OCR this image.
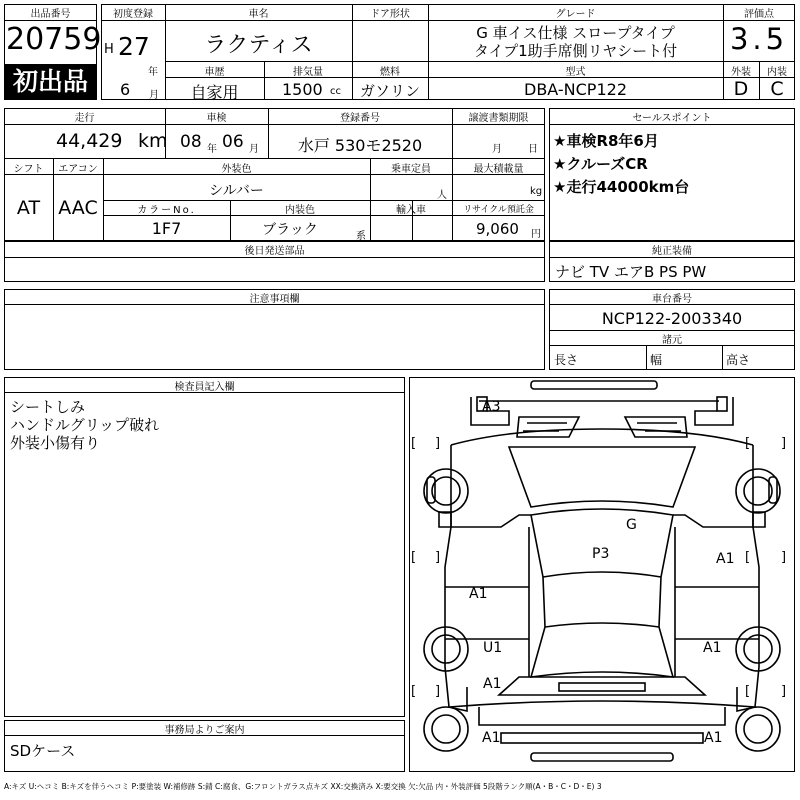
出品番号
20759
初出品
初度登録
H 27
年
6 月
車名
ラクティス
ドア形状	グレード
G 車イス仕様 スロープタイプ
タイプ1助手席側リヤシート付
評価点
3.5
車歴
自家用
排気量
1500 cc
燃料
ガソリン
型式
DBA-NCP122
外装
D
内装
C
走行
44,429 km
車検
08 年 06 月
登録番号
水戸 530モ2520
譲渡書類期限
月	日
シフト
AT
エアコン
AAC
外装色
シルバー
乗車定員
人
最大積載量
kg
カラーNo.
1F7
内装色
ブラック	系
輸入車	リサイクル預託金
9,060 円
後日発送部品
セールスポイント
★車検R8年6月
★クルーズCR
★走行44000km台
純正装備
ナビ TV エアB PS PW
注意事項欄	車台番号
NCP122-2003340
諸元
長さ	幅	高さ
検査員記入欄
シートしみ
ハンドルグリップ破れ
外装小傷有り
事務局よりご案内
SDケース
[ ]	[ ]
[ ]	[ ]
[ ]	[ ]
A3
G
P3	A1
A1
U1	A1
A1
A1	A1
A:キズ U:ヘコミ B:キズを伴うヘコミ P:要塗装 W:補修跡 S:錆 C:腐食、G:フロントガラス点キズ XX:交換済み X:要交換 欠:欠品 内・外装評価 5段階ランク順(A・B・C・D・E) 3
